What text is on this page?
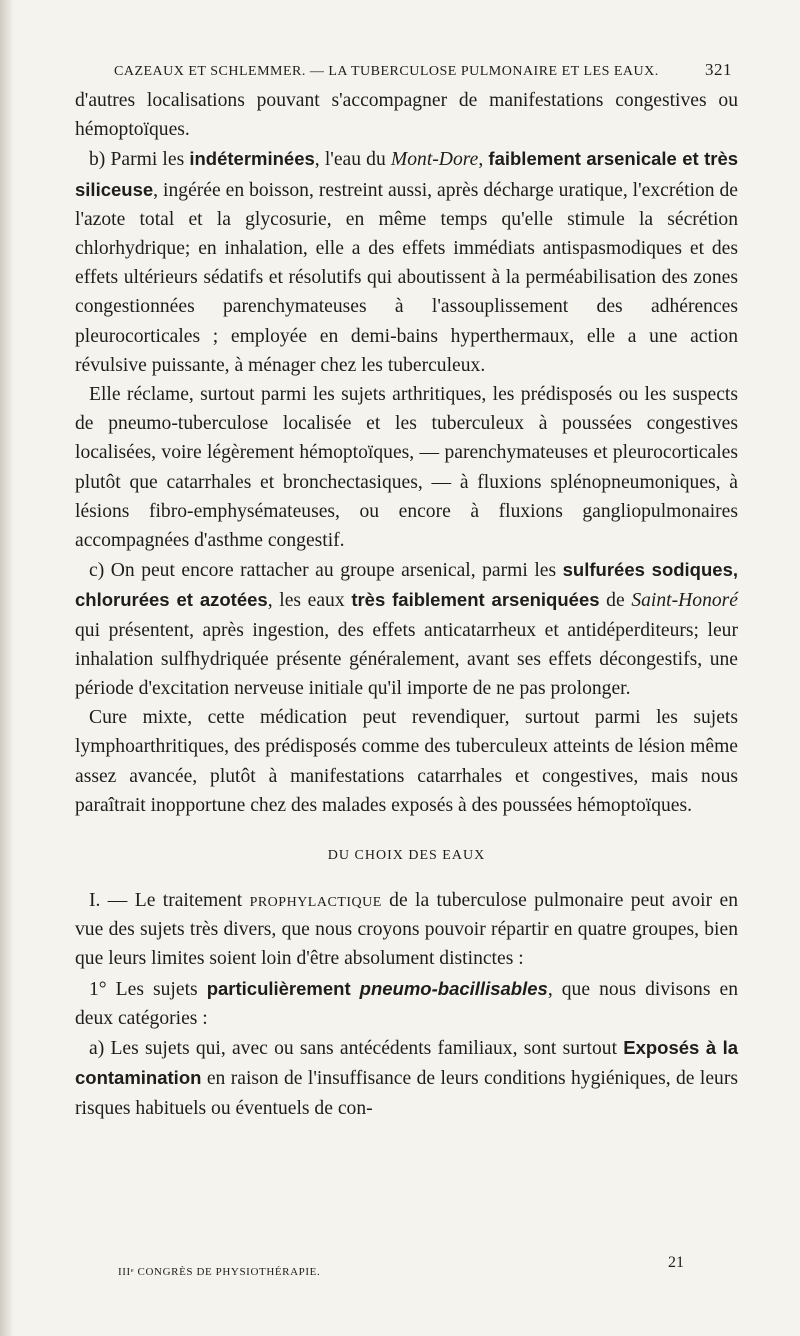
CAZEAUX ET SCHLEMMER. — LA TUBERCULOSE PULMONAIRE ET LES EAUX.	321

d'autres localisations pouvant s'accompagner de manifestations congestives ou hémoptoïques.

b) Parmi les indéterminées, l'eau du Mont-Dore, faiblement arsenicale et très siliceuse, ingérée en boisson, restreint aussi, après décharge uratique, l'excrétion de l'azote total et la glycosurie, en même temps qu'elle stimule la sécrétion chlorhydrique; en inhalation, elle a des effets immédiats antispasmodiques et des effets ultérieurs sédatifs et résolutifs qui aboutissent à la perméabilisation des zones congestionnées parenchymateuses à l'assouplissement des adhérences pleurocorticales ; employée en demi-bains hyperthermaux, elle a une action révulsive puissante, à ménager chez les tuberculeux.

Elle réclame, surtout parmi les sujets arthritiques, les prédisposés ou les suspects de pneumo-tuberculose localisée et les tuberculeux à poussées congestives localisées, voire légèrement hémoptoïques, — parenchymateuses et pleurocorticales plutôt que catarrhales et bronchectasiques, — à fluxions splénopneumoniques, à lésions fibro-emphysémateuses, ou encore à fluxions gangliopulmonaires accompagnées d'asthme congestif.

c) On peut encore rattacher au groupe arsenical, parmi les sulfurées sodiques, chlorurées et azotées, les eaux très faiblement arseniquées de Saint-Honoré qui présentent, après ingestion, des effets anticatarrheux et antidéperditeurs; leur inhalation sulfhydriquée présente généralement, avant ses effets décongestifs, une période d'excitation nerveuse initiale qu'il importe de ne pas prolonger.

Cure mixte, cette médication peut revendiquer, surtout parmi les sujets lymphoarthritiques, des prédisposés comme des tuberculeux atteints de lésion même assez avancée, plutôt à manifestations catarrhales et congestives, mais nous paraîtrait inopportune chez des malades exposés à des poussées hémoptoïques.

DU CHOIX DES EAUX

I. — Le traitement prophylactique de la tuberculose pulmonaire peut avoir en vue des sujets très divers, que nous croyons pouvoir répartir en quatre groupes, bien que leurs limites soient loin d'être absolument distinctes :

1° Les sujets particulièrement pneumo-bacillisables, que nous divisons en deux catégories :

a) Les sujets qui, avec ou sans antécédents familiaux, sont surtout Exposés à la contamination en raison de l'insuffisance de leurs conditions hygiéniques, de leurs risques habituels ou éventuels de con-

IIIᵉ CONGRÈS DE PHYSIOTHÉRAPIE.
21
